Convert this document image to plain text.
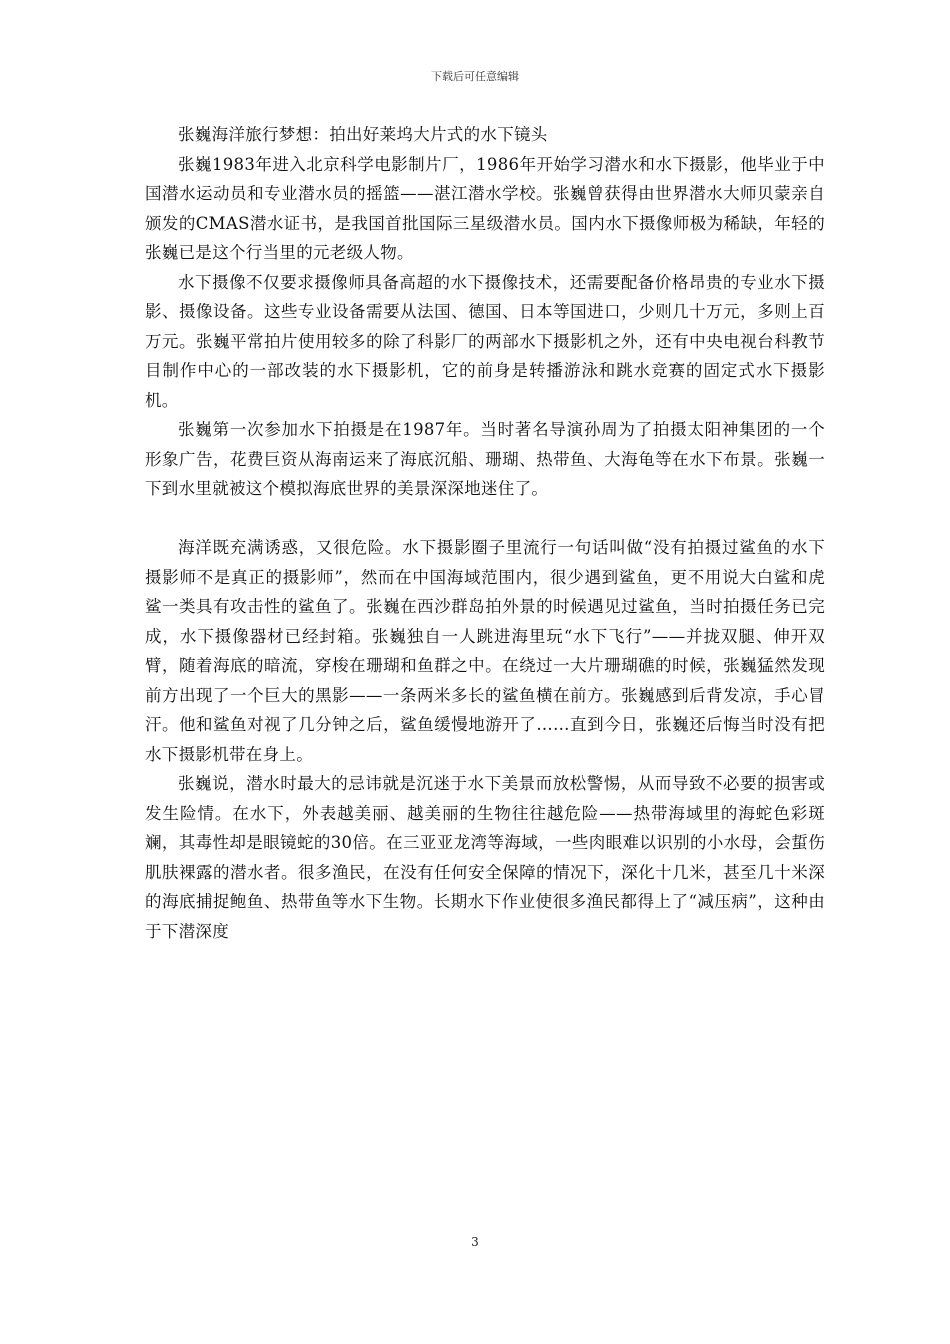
下载后可任意编辑

张巍海洋旅行梦想：拍出好莱坞大片式的水下镜头

张巍1983年进入北京科学电影制片厂，1986年开始学习潜水和水下摄影，他毕业于中国潜水运动员和专业潜水员的摇篮——湛江潜水学校。张巍曾获得由世界潜水大师贝蒙亲自颁发的CMAS潜水证书，是我国首批国际三星级潜水员。国内水下摄像师极为稀缺，年轻的张巍已是这个行当里的元老级人物。

水下摄像不仅要求摄像师具备高超的水下摄像技术，还需要配备价格昂贵的专业水下摄影、摄像设备。这些专业设备需要从法国、德国、日本等国进口，少则几十万元，多则上百万元。张巍平常拍片使用较多的除了科影厂的两部水下摄影机之外，还有中央电视台科教节目制作中心的一部改装的水下摄影机，它的前身是转播游泳和跳水竞赛的固定式水下摄影机。

张巍第一次参加水下拍摄是在1987年。当时著名导演孙周为了拍摄太阳神集团的一个形象广告，花费巨资从海南运来了海底沉船、珊瑚、热带鱼、大海龟等在水下布景。张巍一下到水里就被这个模拟海底世界的美景深深地迷住了。

海洋既充满诱惑，又很危险。水下摄影圈子里流行一句话叫做“没有拍摄过鲨鱼的水下摄影师不是真正的摄影师”，然而在中国海域范围内，很少遇到鲨鱼，更不用说大白鲨和虎鲨一类具有攻击性的鲨鱼了。张巍在西沙群岛拍外景的时候遇见过鲨鱼，当时拍摄任务已完成，水下摄像器材已经封箱。张巍独自一人跳进海里玩“水下飞行”——并拢双腿、伸开双臂，随着海底的暗流，穿梭在珊瑚和鱼群之中。在绕过一大片珊瑚礁的时候，张巍猛然发现前方出现了一个巨大的黑影——一条两米多长的鲨鱼横在前方。张巍感到后背发凉，手心冒汗。他和鲨鱼对视了几分钟之后，鲨鱼缓慢地游开了……直到今日，张巍还后悔当时没有把水下摄影机带在身上。

张巍说，潜水时最大的忌讳就是沉迷于水下美景而放松警惕，从而导致不必要的损害或发生险情。在水下，外表越美丽、越美丽的生物往往越危险——热带海域里的海蛇色彩斑斓，其毒性却是眼镜蛇的30倍。在三亚亚龙湾等海域，一些肉眼难以识别的小水母，会蜇伤肌肤裸露的潜水者。很多渔民，在没有任何安全保障的情况下，深化十几米，甚至几十米深的海底捕捉鲍鱼、热带鱼等水下生物。长期水下作业使很多渔民都得上了“减压病”，这种由于下潜深度

3
